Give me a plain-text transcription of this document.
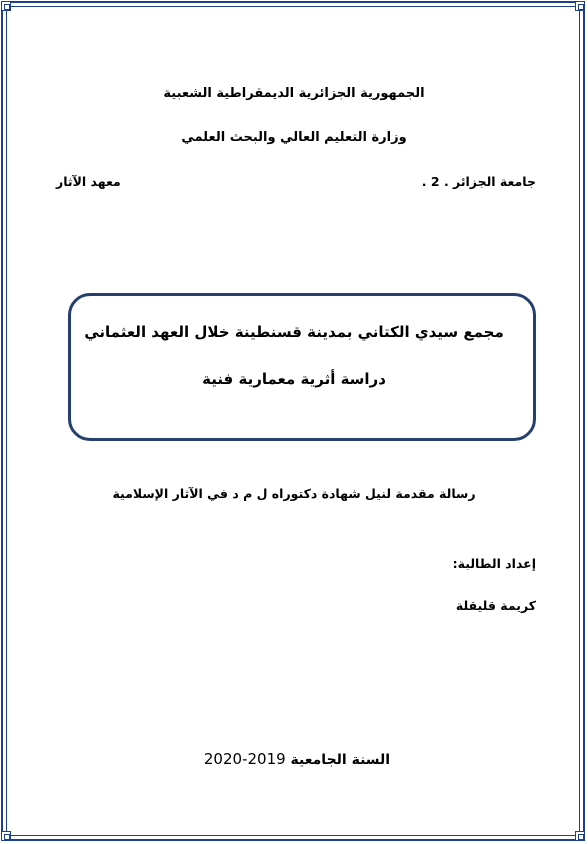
الجمهورية الجزائرية الديمقراطية الشعبية
وزارة التعليم العالي والبحث العلمي
جامعة الجزائر . 2 .
معهد الآثار
مجمع سيدي الكتاني بمدينة قسنطينة خلال العهد العثماني
دراسة أثرية معمارية فنية
رسالة مقدمة لنيل شهادة دكتوراه ل م د في الآثار الإسلامية
إعداد الطالبة:
كريمة قليقلة
السنة الجامعية 2020-2019
